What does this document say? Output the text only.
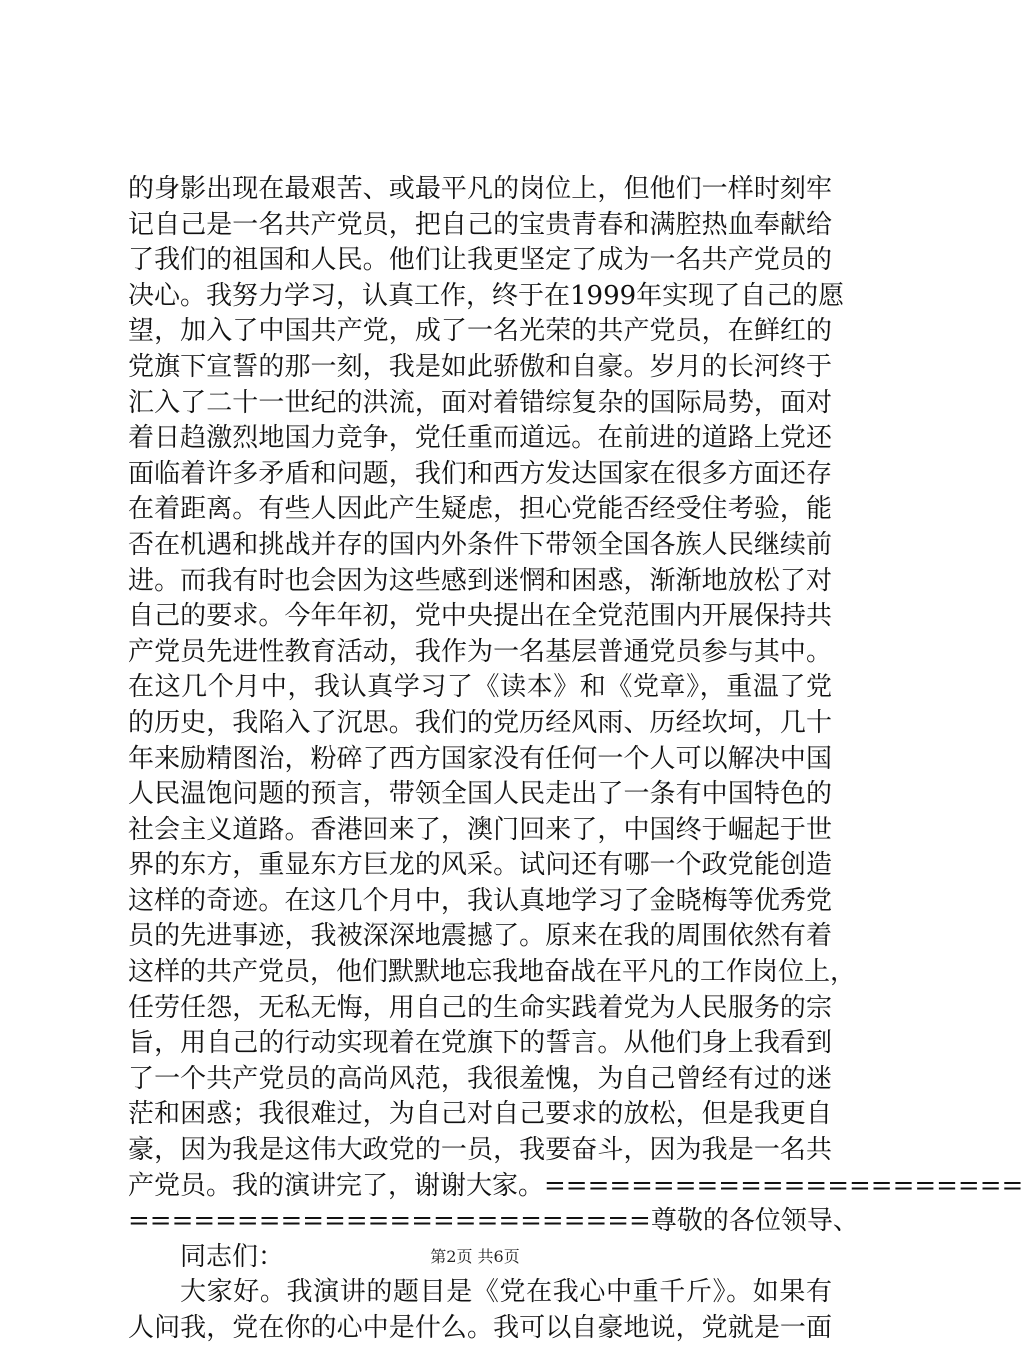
的身影出现在最艰苦、或最平凡的岗位上，但他们一样时刻牢
记自己是一名共产党员，把自己的宝贵青春和满腔热血奉献给
了我们的祖国和人民。他们让我更坚定了成为一名共产党员的
决心。我努力学习，认真工作，终于在1999年实现了自己的愿
望，加入了中国共产党，成了一名光荣的共产党员，在鲜红的
党旗下宣誓的那一刻，我是如此骄傲和自豪。岁月的长河终于
汇入了二十一世纪的洪流，面对着错综复杂的国际局势，面对
着日趋激烈地国力竞争，党任重而道远。在前进的道路上党还
面临着许多矛盾和问题，我们和西方发达国家在很多方面还存
在着距离。有些人因此产生疑虑，担心党能否经受住考验，能
否在机遇和挑战并存的国内外条件下带领全国各族人民继续前
进。而我有时也会因为这些感到迷惘和困惑，渐渐地放松了对
自己的要求。今年年初，党中央提出在全党范围内开展保持共
产党员先进性教育活动，我作为一名基层普通党员参与其中。
在这几个月中，我认真学习了《读本》和《党章》，重温了党
的历史，我陷入了沉思。我们的党历经风雨、历经坎坷，几十
年来励精图治，粉碎了西方国家没有任何一个人可以解决中国
人民温饱问题的预言，带领全国人民走出了一条有中国特色的
社会主义道路。香港回来了，澳门回来了，中国终于崛起于世
界的东方，重显东方巨龙的风采。试问还有哪一个政党能创造
这样的奇迹。在这几个月中，我认真地学习了金晓梅等优秀党
员的先进事迹，我被深深地震撼了。原来在我的周围依然有着
这样的共产党员，他们默默地忘我地奋战在平凡的工作岗位上，
任劳任怨，无私无悔，用自己的生命实践着党为人民服务的宗
旨，用自己的行动实现着在党旗下的誓言。从他们身上我看到
了一个共产党员的高尚风范，我很羞愧，为自己曾经有过的迷
茫和困惑；我很难过，为自己对自己要求的放松，但是我更自
豪，因为我是这伟大政党的一员，我要奋斗，因为我是一名共
产党员。我的演讲完了，谢谢大家。======================
========================尊敬的各位领导、
同志们：
大家好。我演讲的题目是《党在我心中重千斤》。如果有
人问我，党在你的心中是什么。我可以自豪地说，党就是一面
第2页 共6页
